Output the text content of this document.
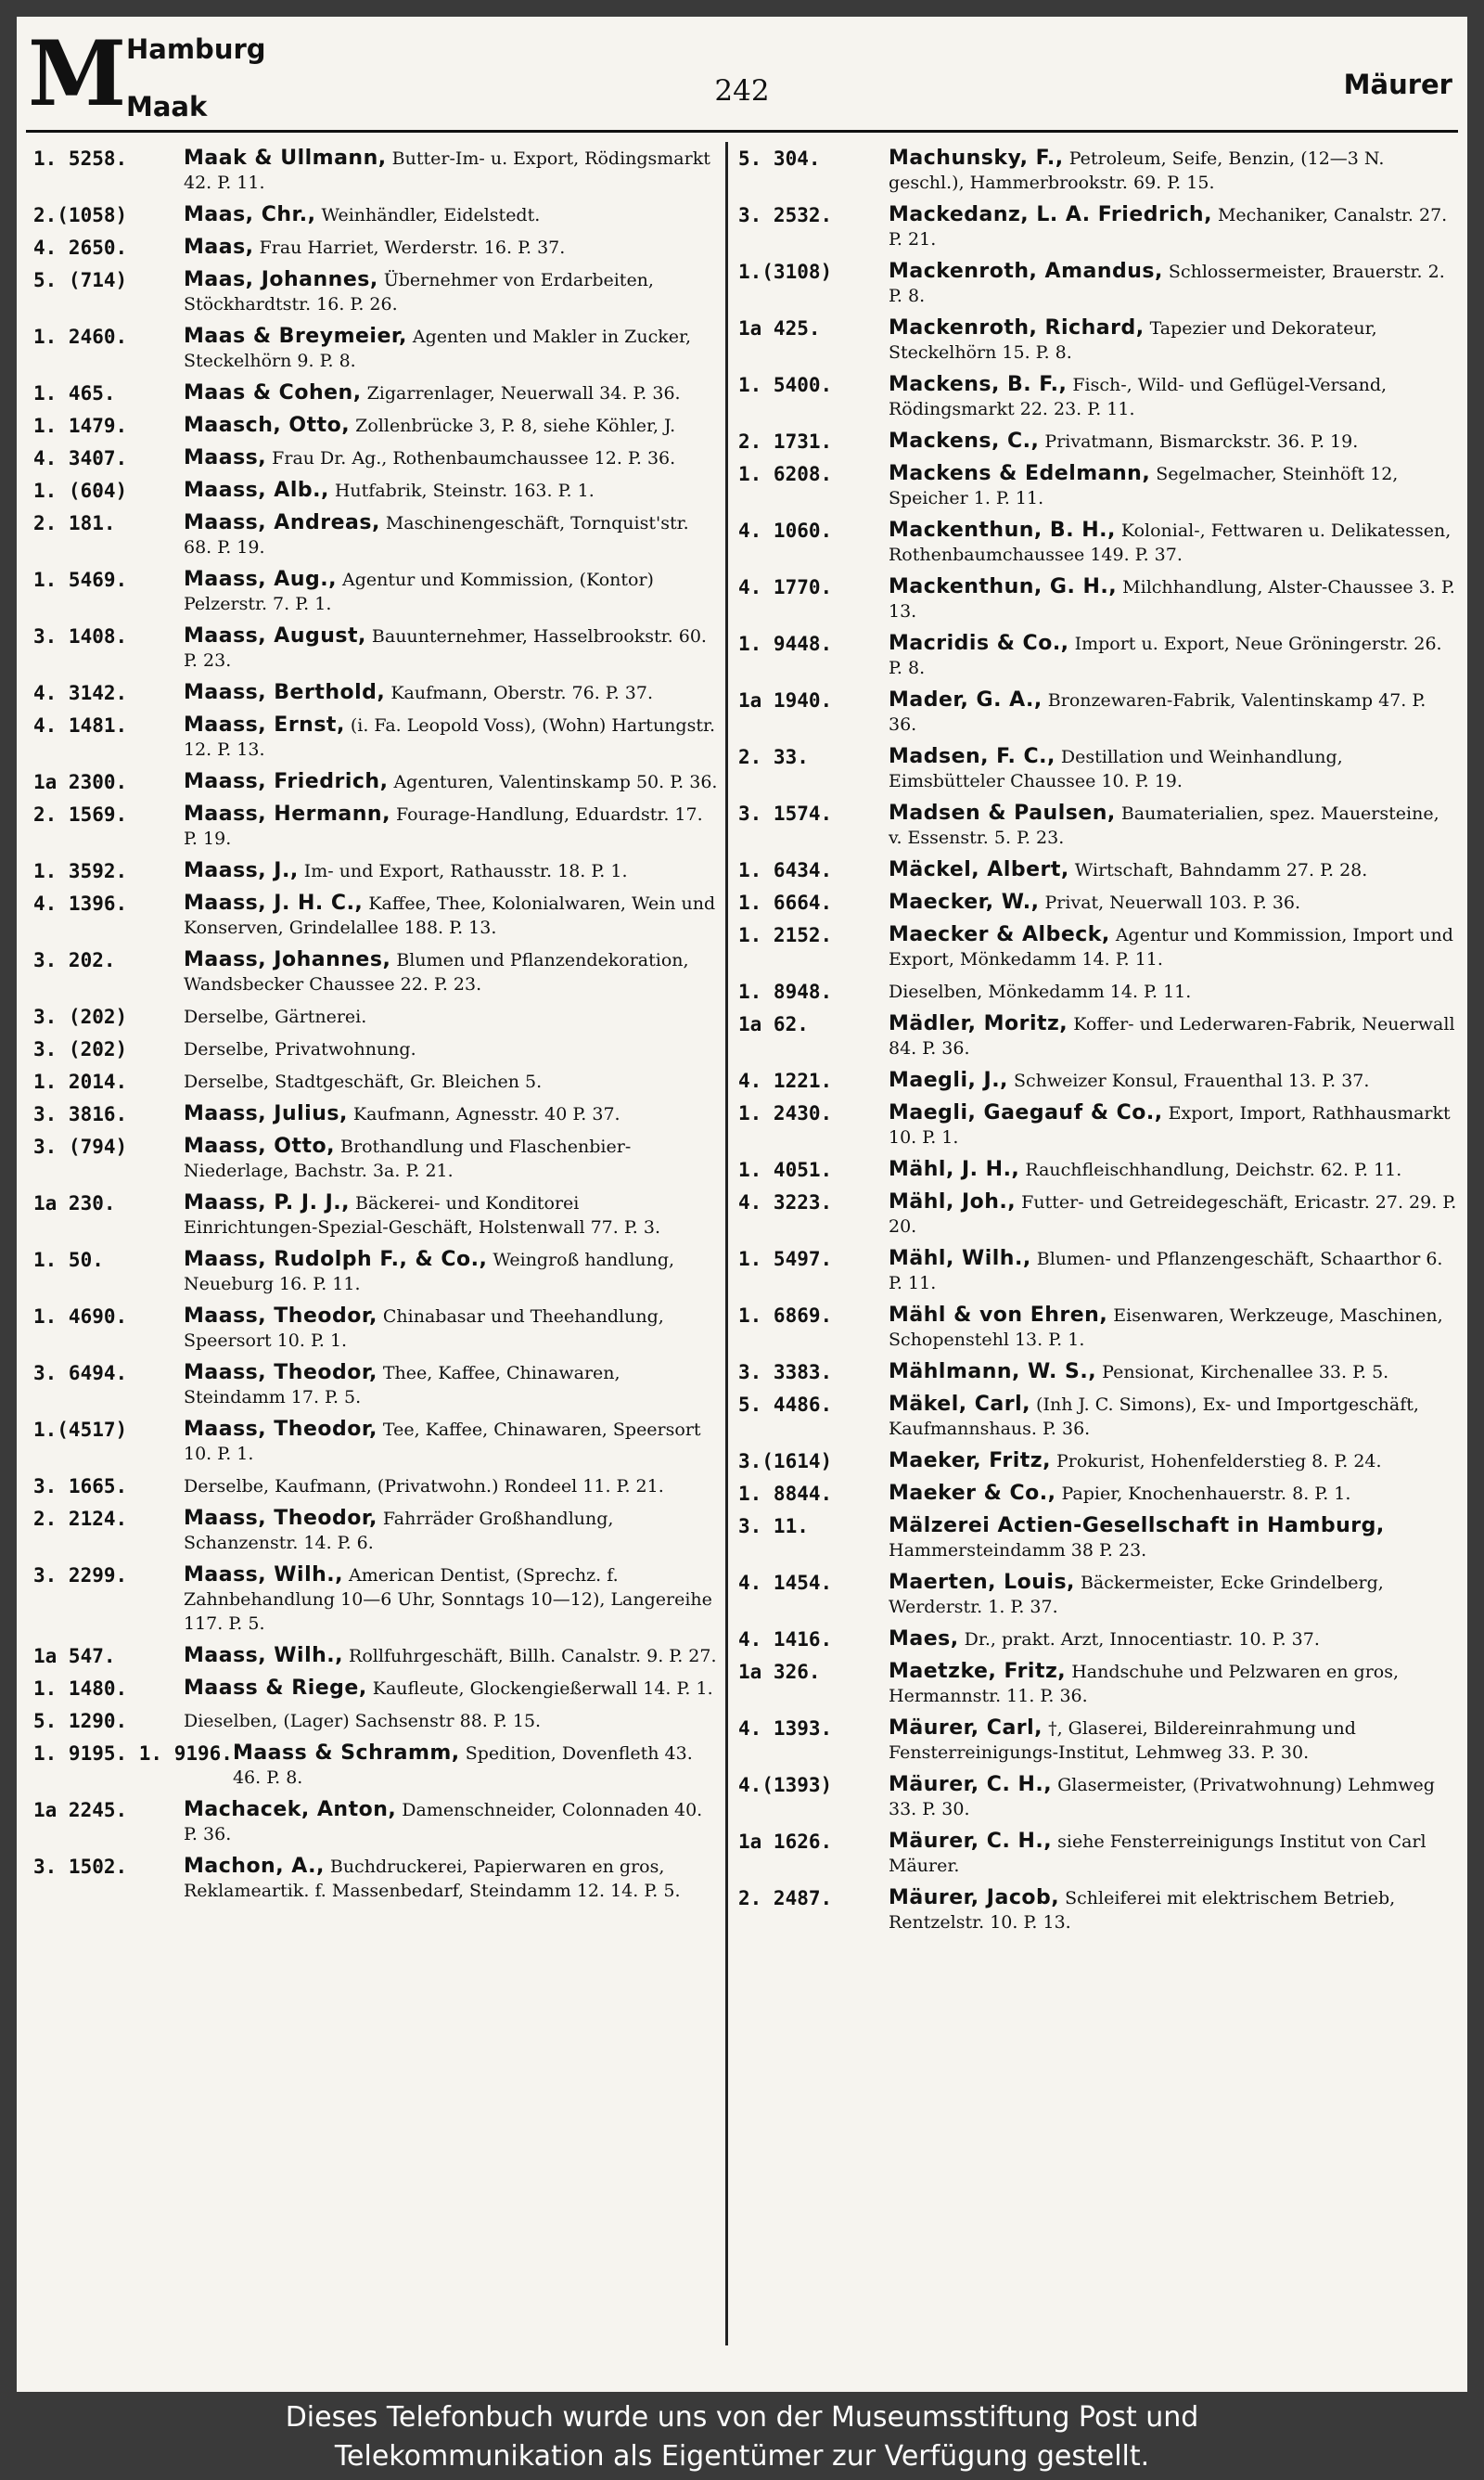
M Hamburg
Maak	242	Mäurer
1. 5258.	Maak & Ullmann, Butter-Im- u. Export, Rödingsmarkt 42. P. 11.
2.(1058)	Maas, Chr., Weinhändler, Eidelstedt.
4. 2650.	Maas, Frau Harriet, Werderstr. 16. P. 37.
5. (714)	Maas, Johannes, Übernehmer von Erdarbeiten, Stöckhardtstr. 16. P. 26.
1. 2460.	Maas & Breymeier, Agenten und Makler in Zucker, Steckelhörn 9. P. 8.
1. 465.	Maas & Cohen, Zigarrenlager, Neuerwall 34. P. 36.
1. 1479.	Maasch, Otto, Zollenbrücke 3, P. 8, siehe Köhler, J.
4. 3407.	Maass, Frau Dr. Ag., Rothenbaumchaussee 12. P. 36.
1. (604)	Maass, Alb., Hutfabrik, Steinstr. 163. P. 1.
2. 181.	Maass, Andreas, Maschinengeschäft, Tornquist'str. 68. P. 19.
1. 5469.	Maass, Aug., Agentur und Kommission, (Kontor) Pelzerstr. 7. P. 1.
3. 1408.	Maass, August, Bauunternehmer, Hasselbrookstr. 60. P. 23.
4. 3142.	Maass, Berthold, Kaufmann, Oberstr. 76. P. 37.
4. 1481.	Maass, Ernst, (i. Fa. Leopold Voss), (Wohn) Hartungstr. 12. P. 13.
1a 2300.	Maass, Friedrich, Agenturen, Valentinskamp 50. P. 36.
2. 1569.	Maass, Hermann, Fourage-Handlung, Eduardstr. 17. P. 19.
1. 3592.	Maass, J., Im- und Export, Rathausstr. 18. P. 1.
4. 1396.	Maass, J. H. C., Kaffee, Thee, Kolonialwaren, Wein und Konserven, Grindelallee 188. P. 13.
3. 202.	Maass, Johannes, Blumen und Pflanzendekoration, Wandsbecker Chaussee 22. P. 23.
3. (202)	Derselbe, Gärtnerei.
3. (202)	Derselbe, Privatwohnung.
1. 2014.	Derselbe, Stadtgeschäft, Gr. Bleichen 5.
3. 3816.	Maass, Julius, Kaufmann, Agnesstr. 40 P. 37.
3. (794)	Maass, Otto, Brothandlung und Flaschenbier-Niederlage, Bachstr. 3a. P. 21.
1a 230.	Maass, P. J. J., Bäckerei- und Konditorei Einrichtungen-Spezial-Geschäft, Holstenwall 77. P. 3.
1. 50.	Maass, Rudolph F., & Co., Weingroß handlung, Neueburg 16. P. 11.
1. 4690.	Maass, Theodor, Chinabasar und Theehandlung, Speersort 10. P. 1.
3. 6494.	Maass, Theodor, Thee, Kaffee, Chinawaren, Steindamm 17. P. 5.
1.(4517)	Maass, Theodor, Tee, Kaffee, Chinawaren, Speersort 10. P. 1.
3. 1665.	Derselbe, Kaufmann, (Privatwohn.) Rondeel 11. P. 21.
2. 2124.	Maass, Theodor, Fahrräder Großhandlung, Schanzenstr. 14. P. 6.
3. 2299.	Maass, Wilh., American Dentist, (Sprechz. f. Zahnbehandlung 10—6 Uhr, Sonntags 10—12), Langereihe 117. P. 5.
1a 547.	Maass, Wilh., Rollfuhrgeschäft, Billh. Canalstr. 9. P. 27.
1. 1480.	Maass & Riege, Kaufleute, Glockengießerwall 14. P. 1.
5. 1290.	Dieselben, (Lager) Sachsenstr 88. P. 15.
1. 9195. 1. 9196. Maass & Schramm, Spedition, Dovenfleth 43. 46. P. 8.
1a 2245.	Machacek, Anton, Damenschneider, Colonnaden 40. P. 36.
3. 1502.	Machon, A., Buchdruckerei, Papierwaren en gros, Reklameartik. f. Massenbedarf, Steindamm 12. 14. P. 5.
5. 304.	Machunsky, F., Petroleum, Seife, Benzin, (12—3 N. geschl.), Hammerbrookstr. 69. P. 15.
3. 2532.	Mackedanz, L. A. Friedrich, Mechaniker, Canalstr. 27. P. 21.
1.(3108)	Mackenroth, Amandus, Schlossermeister, Brauerstr. 2. P. 8.
1a 425.	Mackenroth, Richard, Tapezier und Dekorateur, Steckelhörn 15. P. 8.
1. 5400.	Mackens, B. F., Fisch-, Wild- und Geflügel-Versand, Rödingsmarkt 22. 23. P. 11.
2. 1731.	Mackens, C., Privatmann, Bismarckstr. 36. P. 19.
1. 6208.	Mackens & Edelmann, Segelmacher, Steinhöft 12, Speicher 1. P. 11.
4. 1060.	Mackenthun, B. H., Kolonial-, Fettwaren u. Delikatessen, Rothenbaumchaussee 149. P. 37.
4. 1770.	Mackenthun, G. H., Milchhandlung, Alster-Chaussee 3. P. 13.
1. 9448.	Macridis & Co., Import u. Export, Neue Gröningerstr. 26. P. 8.
1a 1940.	Mader, G. A., Bronzewaren-Fabrik, Valentinskamp 47. P. 36.
2. 33.	Madsen, F. C., Destillation und Weinhandlung, Eimsbütteler Chaussee 10. P. 19.
3. 1574.	Madsen & Paulsen, Baumaterialien, spez. Mauersteine, v. Essenstr. 5. P. 23.
1. 6434.	Mäckel, Albert, Wirtschaft, Bahndamm 27. P. 28.
1. 6664.	Maecker, W., Privat, Neuerwall 103. P. 36.
1. 2152.	Maecker & Albeck, Agentur und Kommission, Import und Export, Mönkedamm 14. P. 11.
1. 8948.	Dieselben, Mönkedamm 14. P. 11.
1a 62.	Mädler, Moritz, Koffer- und Lederwaren-Fabrik, Neuerwall 84. P. 36.
4. 1221.	Maegli, J., Schweizer Konsul, Frauenthal 13. P. 37.
1. 2430.	Maegli, Gaegauf & Co., Export, Import, Rathhausmarkt 10. P. 1.
1. 4051.	Mähl, J. H., Rauchfleischhandlung, Deichstr. 62. P. 11.
4. 3223.	Mähl, Joh., Futter- und Getreidegeschäft, Ericastr. 27. 29. P. 20.
1. 5497.	Mähl, Wilh., Blumen- und Pflanzengeschäft, Schaarthor 6. P. 11.
1. 6869.	Mähl & von Ehren, Eisenwaren, Werkzeuge, Maschinen, Schopenstehl 13. P. 1.
3. 3383.	Mählmann, W. S., Pensionat, Kirchenallee 33. P. 5.
5. 4486.	Mäkel, Carl, (Inh J. C. Simons), Ex- und Importgeschäft, Kaufmannshaus. P. 36.
3.(1614)	Maeker, Fritz, Prokurist, Hohenfelderstieg 8. P. 24.
1. 8844.	Maeker & Co., Papier, Knochenhauerstr. 8. P. 1.
3. 11.	Mälzerei Actien-Gesellschaft in Hamburg, Hammersteindamm 38 P. 23.
4. 1454.	Maerten, Louis, Bäckermeister, Ecke Grindelberg, Werderstr. 1. P. 37.
4. 1416.	Maes, Dr., prakt. Arzt, Innocentiastr. 10. P. 37.
1a 326.	Maetzke, Fritz, Handschuhe und Pelzwaren en gros, Hermannstr. 11. P. 36.
4. 1393.	Mäurer, Carl, †, Glaserei, Bildereinrahmung und Fensterreinigungs-Institut, Lehmweg 33. P. 30.
4.(1393)	Mäurer, C. H., Glasermeister, (Privatwohnung) Lehmweg 33. P. 30.
1a 1626.	Mäurer, C. H., siehe Fensterreinigungs Institut von Carl Mäurer.
2. 2487.	Mäurer, Jacob, Schleiferei mit elektrischem Betrieb, Rentzelstr. 10. P. 13.
Dieses Telefonbuch wurde uns von der Museumsstiftung Post und
Telekommunikation als Eigentümer zur Verfügung gestellt.
